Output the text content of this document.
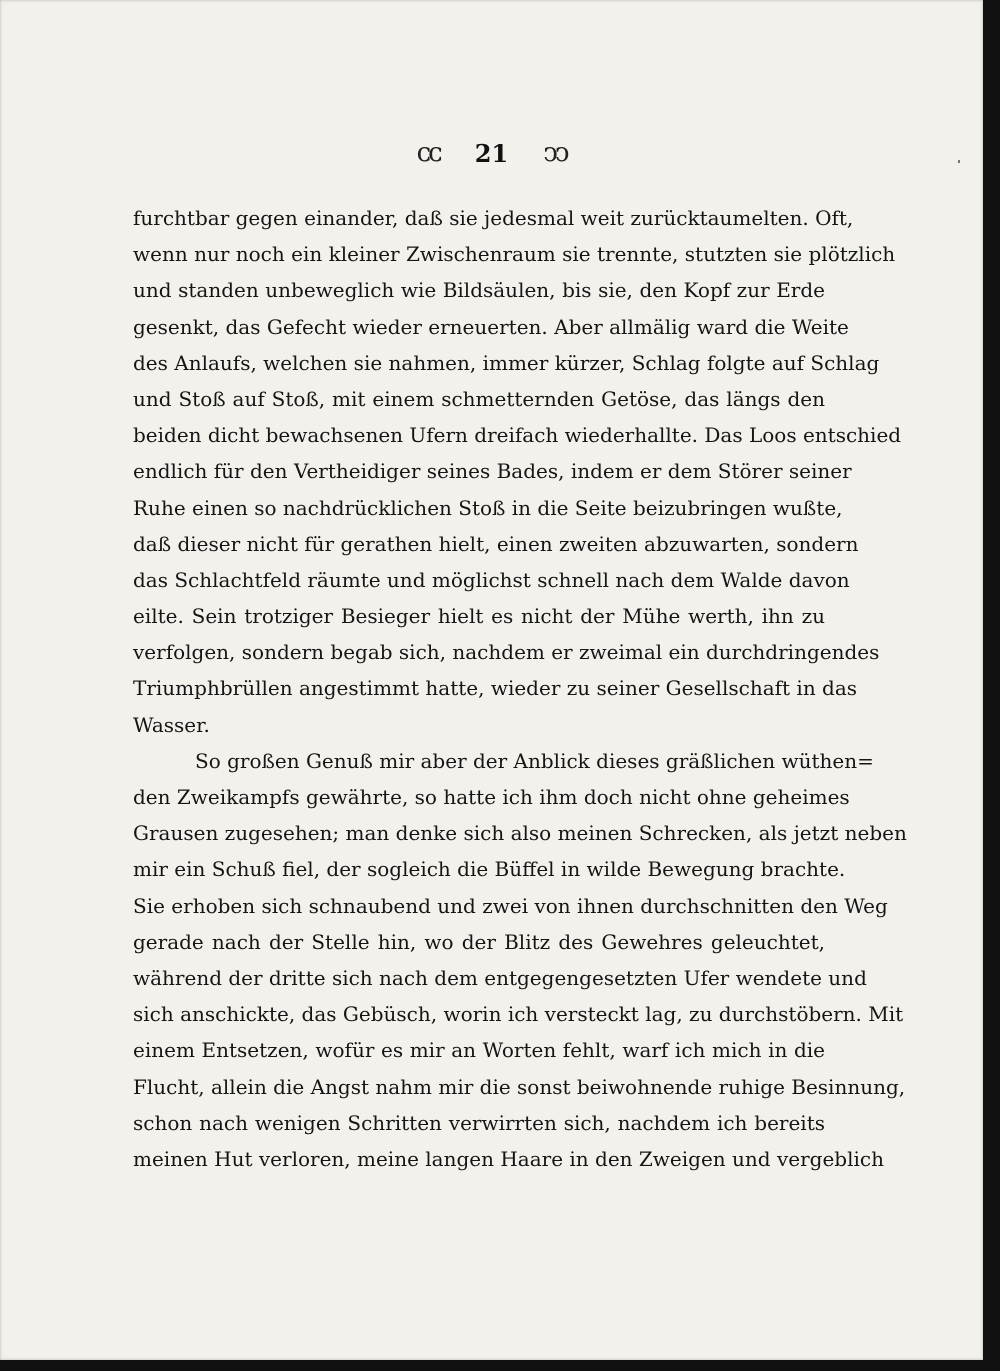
ᴄᴄ 21 ↄↄ
furchtbar gegen einander, daß sie jedesmal weit zurücktaumelten. Oft,
wenn nur noch ein kleiner Zwischenraum sie trennte, stutzten sie plötzlich
und standen unbeweglich wie Bildsäulen, bis sie, den Kopf zur Erde
gesenkt, das Gefecht wieder erneuerten. Aber allmälig ward die Weite
des Anlaufs, welchen sie nahmen, immer kürzer, Schlag folgte auf Schlag
und Stoß auf Stoß, mit einem schmetternden Getöse, das längs den
beiden dicht bewachsenen Ufern dreifach wiederhallte. Das Loos entschied
endlich für den Vertheidiger seines Bades, indem er dem Störer seiner
Ruhe einen so nachdrücklichen Stoß in die Seite beizubringen wußte,
daß dieser nicht für gerathen hielt, einen zweiten abzuwarten, sondern
das Schlachtfeld räumte und möglichst schnell nach dem Walde davon
eilte. Sein trotziger Besieger hielt es nicht der Mühe werth, ihn zu
verfolgen, sondern begab sich, nachdem er zweimal ein durchdringendes
Triumphbrüllen angestimmt hatte, wieder zu seiner Gesellschaft in das
Wasser.
So großen Genuß mir aber der Anblick dieses gräßlichen wüthen=
den Zweikampfs gewährte, so hatte ich ihm doch nicht ohne geheimes
Grausen zugesehen; man denke sich also meinen Schrecken, als jetzt neben
mir ein Schuß fiel, der sogleich die Büffel in wilde Bewegung brachte.
Sie erhoben sich schnaubend und zwei von ihnen durchschnitten den Weg
gerade nach der Stelle hin, wo der Blitz des Gewehres geleuchtet,
während der dritte sich nach dem entgegengesetzten Ufer wendete und
sich anschickte, das Gebüsch, worin ich versteckt lag, zu durchstöbern. Mit
einem Entsetzen, wofür es mir an Worten fehlt, warf ich mich in die
Flucht, allein die Angst nahm mir die sonst beiwohnende ruhige Besinnung,
schon nach wenigen Schritten verwirrten sich, nachdem ich bereits
meinen Hut verloren, meine langen Haare in den Zweigen und vergeblich
